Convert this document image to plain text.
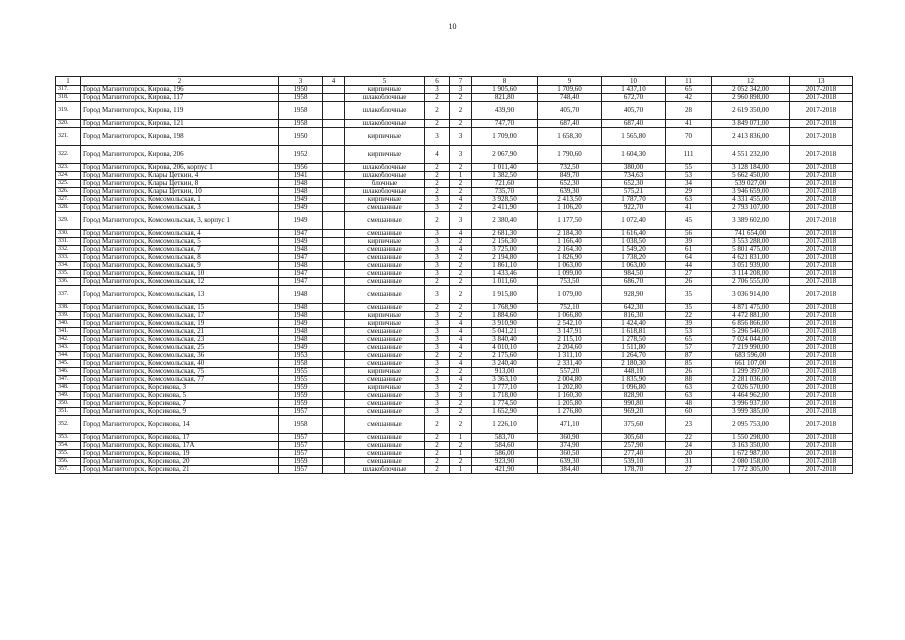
10
1	2	3	4	5	6	7	8	9	10	11	12	13
317.	Город Магнитогорск, Кирова, 196	1950		кирпичные	3	3	1 905,60	1 709,60	1 437,10	65	2 052 342,00	2017-2018
318.	Город Магнитогорск, Кирова, 117	1958		шлакоблочные	2	2	821,80	748,40	672,70	42	2 960 898,00	2017-2018
319.	Город Магнитогорск, Кирова, 119	1958		шлакоблочные	2	2	439,90	405,70	405,70	28	2 619 350,00	2017-2018
320.	Город Магнитогорск, Кирова, 121	1958		шлакоблочные	2	2	747,70	687,40	687,40	41	3 849 071,00	2017-2018
321.	Город Магнитогорск, Кирова, 198	1950		кирпичные	3	3	1 709,00	1 658,30	1 565,80	70	2 413 836,00	2017-2018
322.	Город Магнитогорск, Кирова, 206	1952		кирпичные	4	3	2 067,90	1 790,60	1 604,30	111	4 551 232,00	2017-2018
323.	Город Магнитогорск, Кирова, 206, корпус 1	1956		шлакоблочные	2	2	1 011,40	732,50	380,00	55	3 128 184,00	2017-2018
324.	Город Магнитогорск, Клары Цеткин, 4	1941		шлакоблочные	2	1	1 382,50	849,70	734,63	53	5 662 450,00	2017-2018
325.	Город Магнитогорск, Клары Цеткин, 8	1948		блочные	2	2	721,60	652,30	652,30	34	539 027,00	2017-2018
326.	Город Магнитогорск, Клары Цеткин, 10	1948		шлакоблочные	2	2	735,70	639,30	575,21	29	3 946 659,00	2017-2018
327.	Город Магнитогорск, Комсомольская, 1	1949		кирпичные	3	4	3 928,50	2 413,50	1 787,70	63	4 331 455,00	2017-2018
328.	Город Магнитогорск, Комсомольская, 3	1949		смешанные	3	2	2 411,90	1 106,20	922,70	41	2 793 107,00	2017-2018
329.	Город Магнитогорск, Комсомольская, 3, корпус 1	1949		смешанные	2	3	2 380,40	1 177,50	1 072,40	45	3 389 602,00	2017-2018
330.	Город Магнитогорск, Комсомольская, 4	1947		смешанные	3	4	2 681,30	2 184,30	1 616,40	56	741 654,00	2017-2018
331.	Город Магнитогорск, Комсомольская, 5	1949		кирпичные	3	2	2 156,30	1 166,40	1 038,50	39	3 553 288,00	2017-2018
332.	Город Магнитогорск, Комсомольская, 7	1948		смешанные	3	4	3 725,00	2 164,30	1 549,20	61	5 801 475,00	2017-2018
333.	Город Магнитогорск, Комсомольская, 8	1947		смешанные	3	2	2 194,80	1 826,90	1 738,20	64	4 621 831,00	2017-2018
334.	Город Магнитогорск, Комсомольская, 9	1948		смешанные	3	2	1 861,10	1 063,00	1 063,00	44	3 051 939,00	2017-2018
335.	Город Магнитогорск, Комсомольская, 10	1947		смешанные	3	2	1 433,46	1 099,00	984,50	27	3 114 208,00	2017-2018
336.	Город Магнитогорск, Комсомольская, 12	1947		смешанные	2	2	1 011,60	753,50	686,70	26	2 706 555,00	2017-2018
337.	Город Магнитогорск, Комсомольская, 13	1948		смешанные	3	2	1 915,80	1 079,00	928,90	35	3 036 914,00	2017-2018
338.	Город Магнитогорск, Комсомольская, 15	1948		смешанные	2	2	1 768,90	752,10	642,30	35	4 871 475,00	2017-2018
339.	Город Магнитогорск, Комсомольская, 17	1948		кирпичные	3	2	1 884,60	1 066,80	816,30	22	4 472 881,00	2017-2018
340.	Город Магнитогорск, Комсомольская, 19	1949		кирпичные	3	4	3 910,90	2 542,10	1 424,40	39	6 856 866,00	2017-2018
341.	Город Магнитогорск, Комсомольская, 21	1948		смешанные	3	4	5 041,21	3 147,91	1 618,81	53	5 296 546,00	2017-2018
342.	Город Магнитогорск, Комсомольская, 23	1948		смешанные	3	4	3 840,40	2 115,10	1 278,50	65	7 024 044,00	2017-2018
343.	Город Магнитогорск, Комсомольская, 25	1949		смешанные	3	4	4 010,10	2 204,60	1 511,80	57	7 219 990,00	2017-2018
344.	Город Магнитогорск, Комсомольская, 36	1953		смешанные	2	2	2 175,60	1 311,10	1 264,70	87	683 596,00	2017-2018
345.	Город Магнитогорск, Комсомольская, 40	1958		смешанные	3	4	3 240,40	2 331,40	2 180,30	85	661 107,00	2017-2018
346.	Город Магнитогорск, Комсомольская, 75	1955		кирпичные	2	2	913,00	557,20	448,10	26	1 299 397,00	2017-2018
347.	Город Магнитогорск, Комсомольская, 77	1955		смешанные	3	4	3 363,10	2 004,80	1 835,90	88	2 281 036,00	2017-2018
348.	Город Магнитогорск, Корсикова, 3	1959		кирпичные	3	2	1 777,10	1 202,80	1 096,80	63	2 026 570,00	2017-2018
349.	Город Магнитогорск, Корсикова, 5	1959		смешанные	3	3	1 718,00	1 160,30	828,90	63	4 464 962,00	2017-2018
350.	Город Магнитогорск, Корсикова, 7	1959		смешанные	3	2	1 774,50	1 205,80	990,80	48	3 996 937,00	2017-2018
351.	Город Магнитогорск, Корсикова, 9	1957		смешанные	3	2	1 652,90	1 276,80	969,20	60	3 999 385,00	2017-2018
352.	Город Магнитогорск, Корсикова, 14	1958		смешанные	2	2	1 226,10	471,10	375,60	23	2 095 753,00	2017-2018
353.	Город Магнитогорск, Корсикова, 17	1957		смешанные	2	1	583,70	360,90	305,60	22	1 550 298,00	2017-2018
354.	Город Магнитогорск, Корсикова, 17А	1957		смешанные	2	2	584,60	374,90	257,90	24	3 163 350,00	2017-2018
355.	Город Магнитогорск, Корсикова, 19	1957		смешанные	2	1	586,00	360,50	277,40	20	1 672 987,00	2017-2018
356.	Город Магнитогорск, Корсикова, 20	1959		смешанные	2	2	923,90	639,30	539,10	31	2 080 158,00	2017-2018
357.	Город Магнитогорск, Корсикова, 21	1957		шлакоблочные	2	1	421,90	384,40	178,70	27	1 772 305,00	2017-2018
